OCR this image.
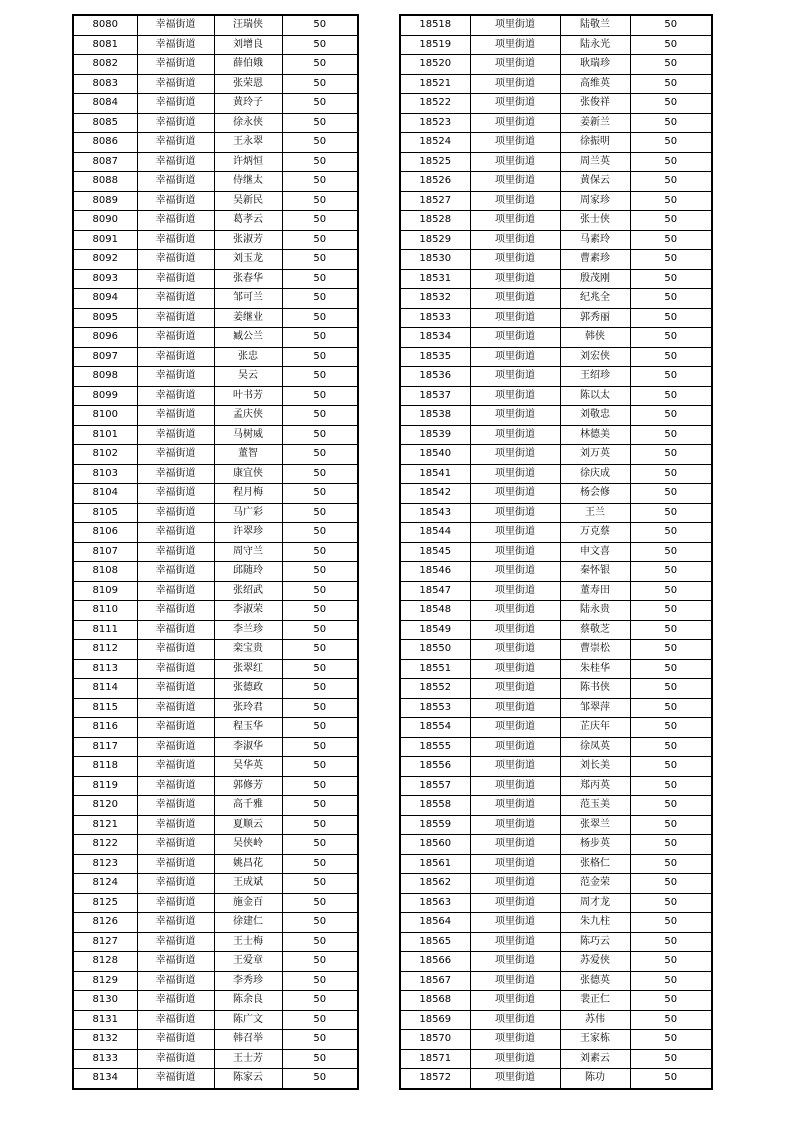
8080	幸福街道	汪瑞侠	50
8081	幸福街道	刘增良	50
8082	幸福街道	薛伯娥	50
8083	幸福街道	张荣恩	50
8084	幸福街道	黄玲子	50
8085	幸福街道	徐永侠	50
8086	幸福街道	王永翠	50
8087	幸福街道	许炳恒	50
8088	幸福街道	侍继太	50
8089	幸福街道	吴新民	50
8090	幸福街道	葛孝云	50
8091	幸福街道	张淑芳	50
8092	幸福街道	刘玉龙	50
8093	幸福街道	张春华	50
8094	幸福街道	邹可兰	50
8095	幸福街道	姜继业	50
8096	幸福街道	臧公兰	50
8097	幸福街道	张忠	50
8098	幸福街道	吴云	50
8099	幸福街道	叶书芳	50
8100	幸福街道	孟庆侠	50
8101	幸福街道	马树威	50
8102	幸福街道	董智	50
8103	幸福街道	康宜侠	50
8104	幸福街道	程月梅	50
8105	幸福街道	马广彩	50
8106	幸福街道	许翠珍	50
8107	幸福街道	周守兰	50
8108	幸福街道	邱随玲	50
8109	幸福街道	张绍武	50
8110	幸福街道	李淑荣	50
8111	幸福街道	李兰珍	50
8112	幸福街道	栾宝贵	50
8113	幸福街道	张翠红	50
8114	幸福街道	张德政	50
8115	幸福街道	张玲君	50
8116	幸福街道	程玉华	50
8117	幸福街道	李淑华	50
8118	幸福街道	吴华英	50
8119	幸福街道	郭修芳	50
8120	幸福街道	高千雅	50
8121	幸福街道	夏顺云	50
8122	幸福街道	吴侠岭	50
8123	幸福街道	姚昌花	50
8124	幸福街道	王成斌	50
8125	幸福街道	施金百	50
8126	幸福街道	徐建仁	50
8127	幸福街道	王士梅	50
8128	幸福街道	王爱章	50
8129	幸福街道	李秀珍	50
8130	幸福街道	陈余良	50
8131	幸福街道	陈广文	50
8132	幸福街道	韩召举	50
8133	幸福街道	王士芳	50
8134	幸福街道	陈家云	50
18518	项里街道	陆敬兰	50
18519	项里街道	陆永光	50
18520	项里街道	耿瑞珍	50
18521	项里街道	高维英	50
18522	项里街道	张俊祥	50
18523	项里街道	姜新兰	50
18524	项里街道	徐振明	50
18525	项里街道	周兰英	50
18526	项里街道	黄保云	50
18527	项里街道	周家珍	50
18528	项里街道	张士侠	50
18529	项里街道	马素玲	50
18530	项里街道	曹素珍	50
18531	项里街道	殷茂刚	50
18532	项里街道	纪兆全	50
18533	项里街道	郭秀丽	50
18534	项里街道	韩侠	50
18535	项里街道	刘宏侠	50
18536	项里街道	王绍珍	50
18537	项里街道	陈以太	50
18538	项里街道	刘敬忠	50
18539	项里街道	林德美	50
18540	项里街道	刘万英	50
18541	项里街道	徐庆成	50
18542	项里街道	杨会修	50
18543	项里街道	王兰	50
18544	项里街道	万克蔡	50
18545	项里街道	申文喜	50
18546	项里街道	秦怀银	50
18547	项里街道	董寿田	50
18548	项里街道	陆永贵	50
18549	项里街道	蔡敬芝	50
18550	项里街道	曹崇松	50
18551	项里街道	朱桂华	50
18552	项里街道	陈书侠	50
18553	项里街道	邹翠萍	50
18554	项里街道	芷庆年	50
18555	项里街道	徐凤英	50
18556	项里街道	刘长美	50
18557	项里街道	郑丙英	50
18558	项里街道	范玉美	50
18559	项里街道	张翠兰	50
18560	项里街道	杨步英	50
18561	项里街道	张格仁	50
18562	项里街道	范金荣	50
18563	项里街道	周才龙	50
18564	项里街道	朱九柱	50
18565	项里街道	陈巧云	50
18566	项里街道	苏爱侠	50
18567	项里街道	张德英	50
18568	项里街道	裴正仁	50
18569	项里街道	苏伟	50
18570	项里街道	王家栋	50
18571	项里街道	刘素云	50
18572	项里街道	陈功	50
